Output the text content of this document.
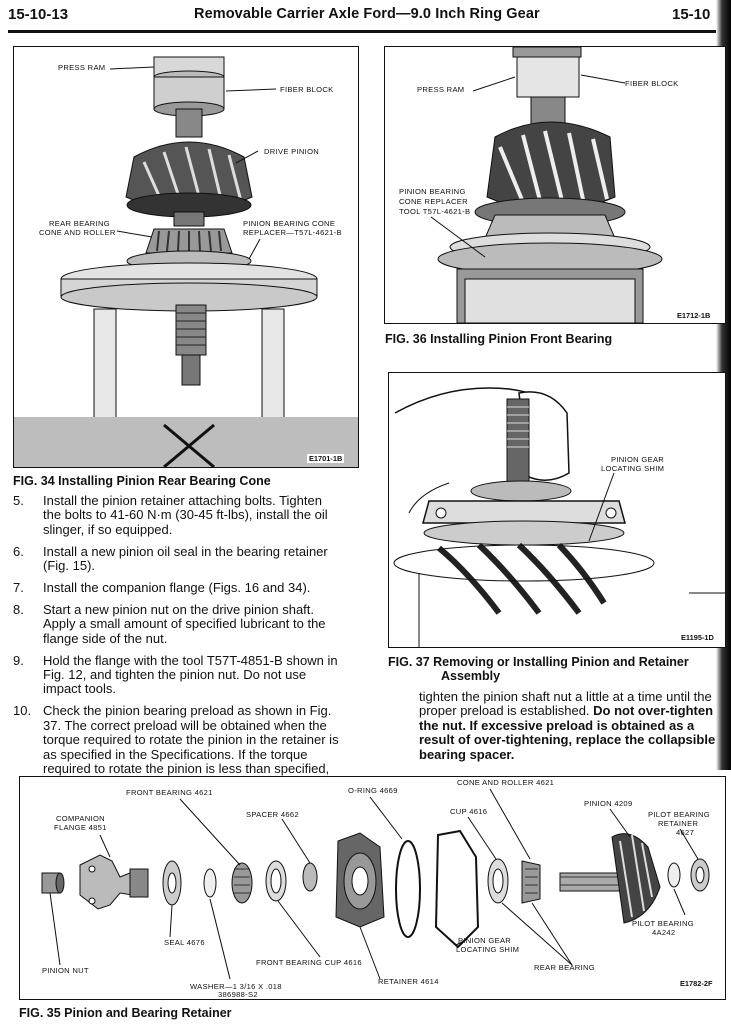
15-10-13	Removable Carrier Axle Ford—9.0 Inch Ring Gear	15-10
PRESS RAM
FIBER BLOCK
DRIVE PINION
REAR BEARING
CONE AND ROLLER
PINION BEARING CONE
REPLACER—T57L-4621-B
E1701-1B
FIG. 34 Installing Pinion Rear Bearing Cone
PRESS RAM
FIBER BLOCK
PINION BEARING
CONE REPLACER
TOOL T57L-4621-B
E1712-1B
FIG. 36 Installing Pinion Front Bearing
PINION GEAR
LOCATING SHIM
E1195-1D
FIG. 37 Removing or Installing Pinion and Retainer
Assembly
5.	Install the pinion retainer attaching bolts. Tighten
the bolts to 41-60 N·m (30-45 ft-lbs), install the oil
slinger, if so equipped.
6.	Install a new pinion oil seal in the bearing retainer
(Fig. 15).
7.	Install the companion flange (Figs. 16 and 34).
8.	Start a new pinion nut on the drive pinion shaft.
Apply a small amount of specified lubricant to the
flange side of the nut.
9.	Hold the flange with the tool T57T-4851-B shown in
Fig. 12, and tighten the pinion nut. Do not use
impact tools.
10. Check the pinion bearing preload as shown in Fig.
37. The correct preload will be obtained when the
torque required to rotate the pinion in the retainer is
as specified in the Specifications. If the torque
required to rotate the pinion is less than specified,
tighten the pinion shaft nut a little at a time until the
proper preload is established. Do not over-tighten
the nut. If excessive preload is obtained as a
result of over-tightening, replace the collapsible
bearing spacer.
FRONT BEARING 4621
COMPANION
FLANGE 4851
SPACER 4662
O-RING 4669
CONE AND ROLLER 4621
CUP 4616
PINION 4209
PILOT BEARING
RETAINER
4627
SEAL 4676
FRONT BEARING CUP 4616
PINION GEAR
LOCATING SHIM
PILOT BEARING
4A242
REAR BEARING
PINION NUT
RETAINER 4614
WASHER—1 3/16 X .018
386988-S2
E1782-2F
FIG. 35 Pinion and Bearing Retainer
